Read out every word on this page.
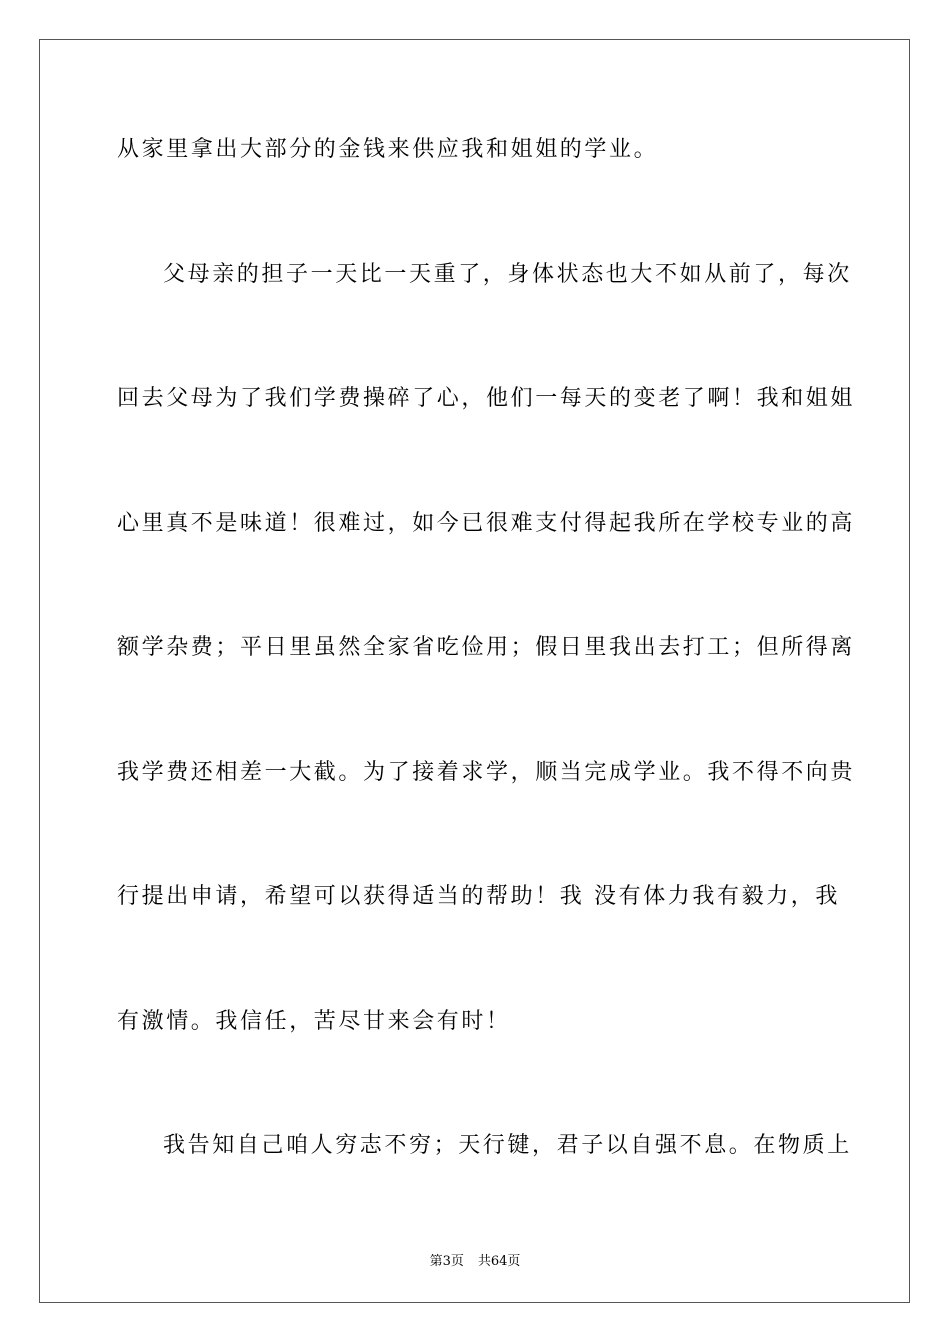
从家里拿出大部分的金钱来供应我和姐姐的学业。
父母亲的担子一天比一天重了，身体状态也大不如从前了，每次
回去父母为了我们学费操碎了心，他们一每天的变老了啊！我和姐姐
心里真不是味道！很难过，如今已很难支付得起我所在学校专业的高
额学杂费；平日里虽然全家省吃俭用；假日里我出去打工；但所得离
我学费还相差一大截。为了接着求学，顺当完成学业。我不得不向贵
行提出申请，希望可以获得适当的帮助！我 没有体力我有毅力，我
有激情。我信任，苦尽甘来会有时！
我告知自己咱人穷志不穷；天行键，君子以自强不息。在物质上
第3页 共64页
